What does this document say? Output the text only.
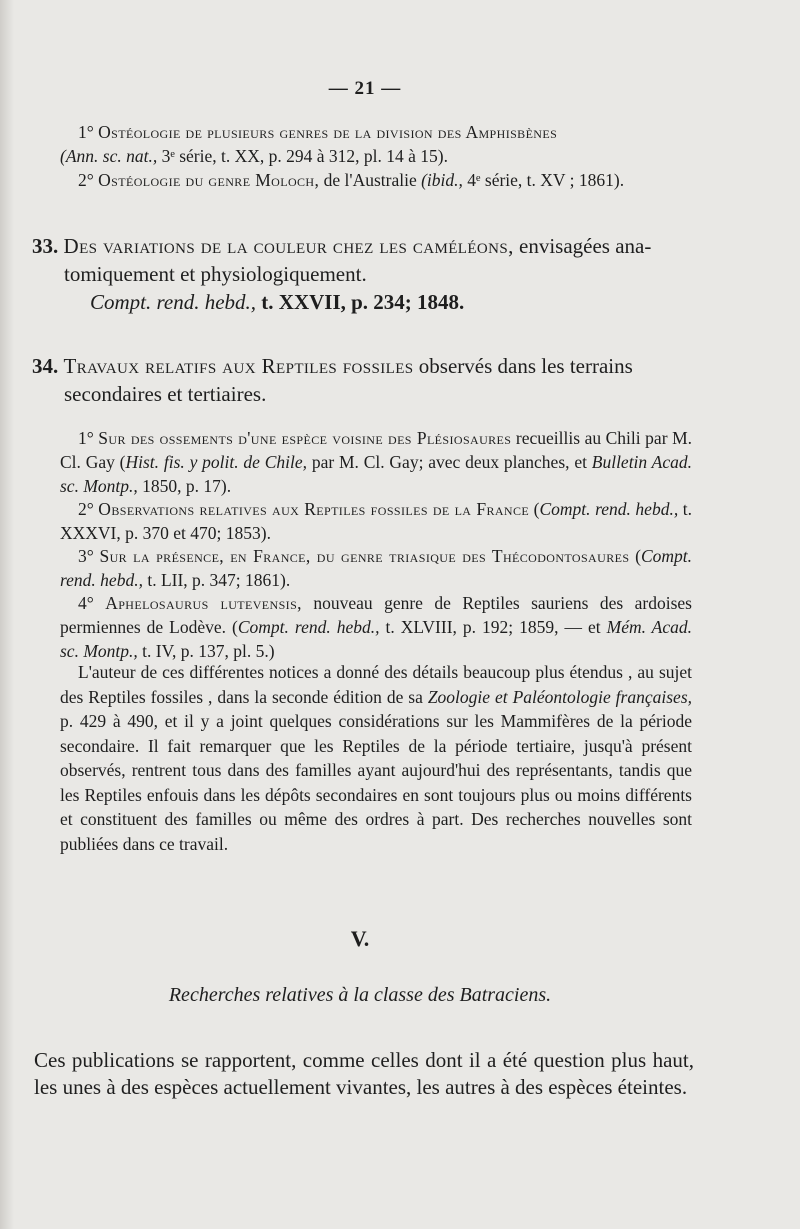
— 21 —
1° Ostéologie de plusieurs genres de la division des Amphisbènes
(Ann. sc. nat., 3ᵉ série, t. XX, p. 294 à 312, pl. 14 à 15).
2° Ostéologie du genre Moloch, de l'Australie (ibid., 4ᵉ série, t. XV ; 1861).
33. Des variations de la couleur chez les caméléons, envisagées ana-
tomiquement et physiologiquement.
Compt. rend. hebd., t. XXVII, p. 234; 1848.
34. Travaux relatifs aux Reptiles fossiles observés dans les terrains
secondaires et tertiaires.
1° Sur des ossements d'une espèce voisine des Plésiosaures recueillis au Chili par M. Cl. Gay (Hist. fis. y polit. de Chile, par M. Cl. Gay; avec deux planches, et Bulletin Acad. sc. Montp., 1850, p. 17).
2° Observations relatives aux Reptiles fossiles de la France (Compt. rend. hebd., t. XXXVI, p. 370 et 470; 1853).
3° Sur la présence, en France, du genre triasique des Thécodontosaures (Compt. rend. hebd., t. LII, p. 347; 1861).
4° Aphelosaurus lutevensis, nouveau genre de Reptiles sauriens des ardoises permiennes de Lodève. (Compt. rend. hebd., t. XLVIII, p. 192; 1859, — et Mém. Acad. sc. Montp., t. IV, p. 137, pl. 5.)
L'auteur de ces différentes notices a donné des détails beaucoup plus étendus , au sujet des Reptiles fossiles , dans la seconde édition de sa Zoologie et Paléontologie françaises, p. 429 à 490, et il y a joint quelques considérations sur les Mammifères de la période secondaire. Il fait remarquer que les Reptiles de la période tertiaire, jusqu'à présent observés, rentrent tous dans des familles ayant aujourd'hui des représentants, tandis que les Reptiles enfouis dans les dépôts secondaires en sont toujours plus ou moins différents et constituent des familles ou même des ordres à part. Des recherches nouvelles sont publiées dans ce travail.
V.
Recherches relatives à la classe des Batraciens.
Ces publications se rapportent, comme celles dont il a été question plus haut, les unes à des espèces actuellement vivantes, les autres à des espèces éteintes.
